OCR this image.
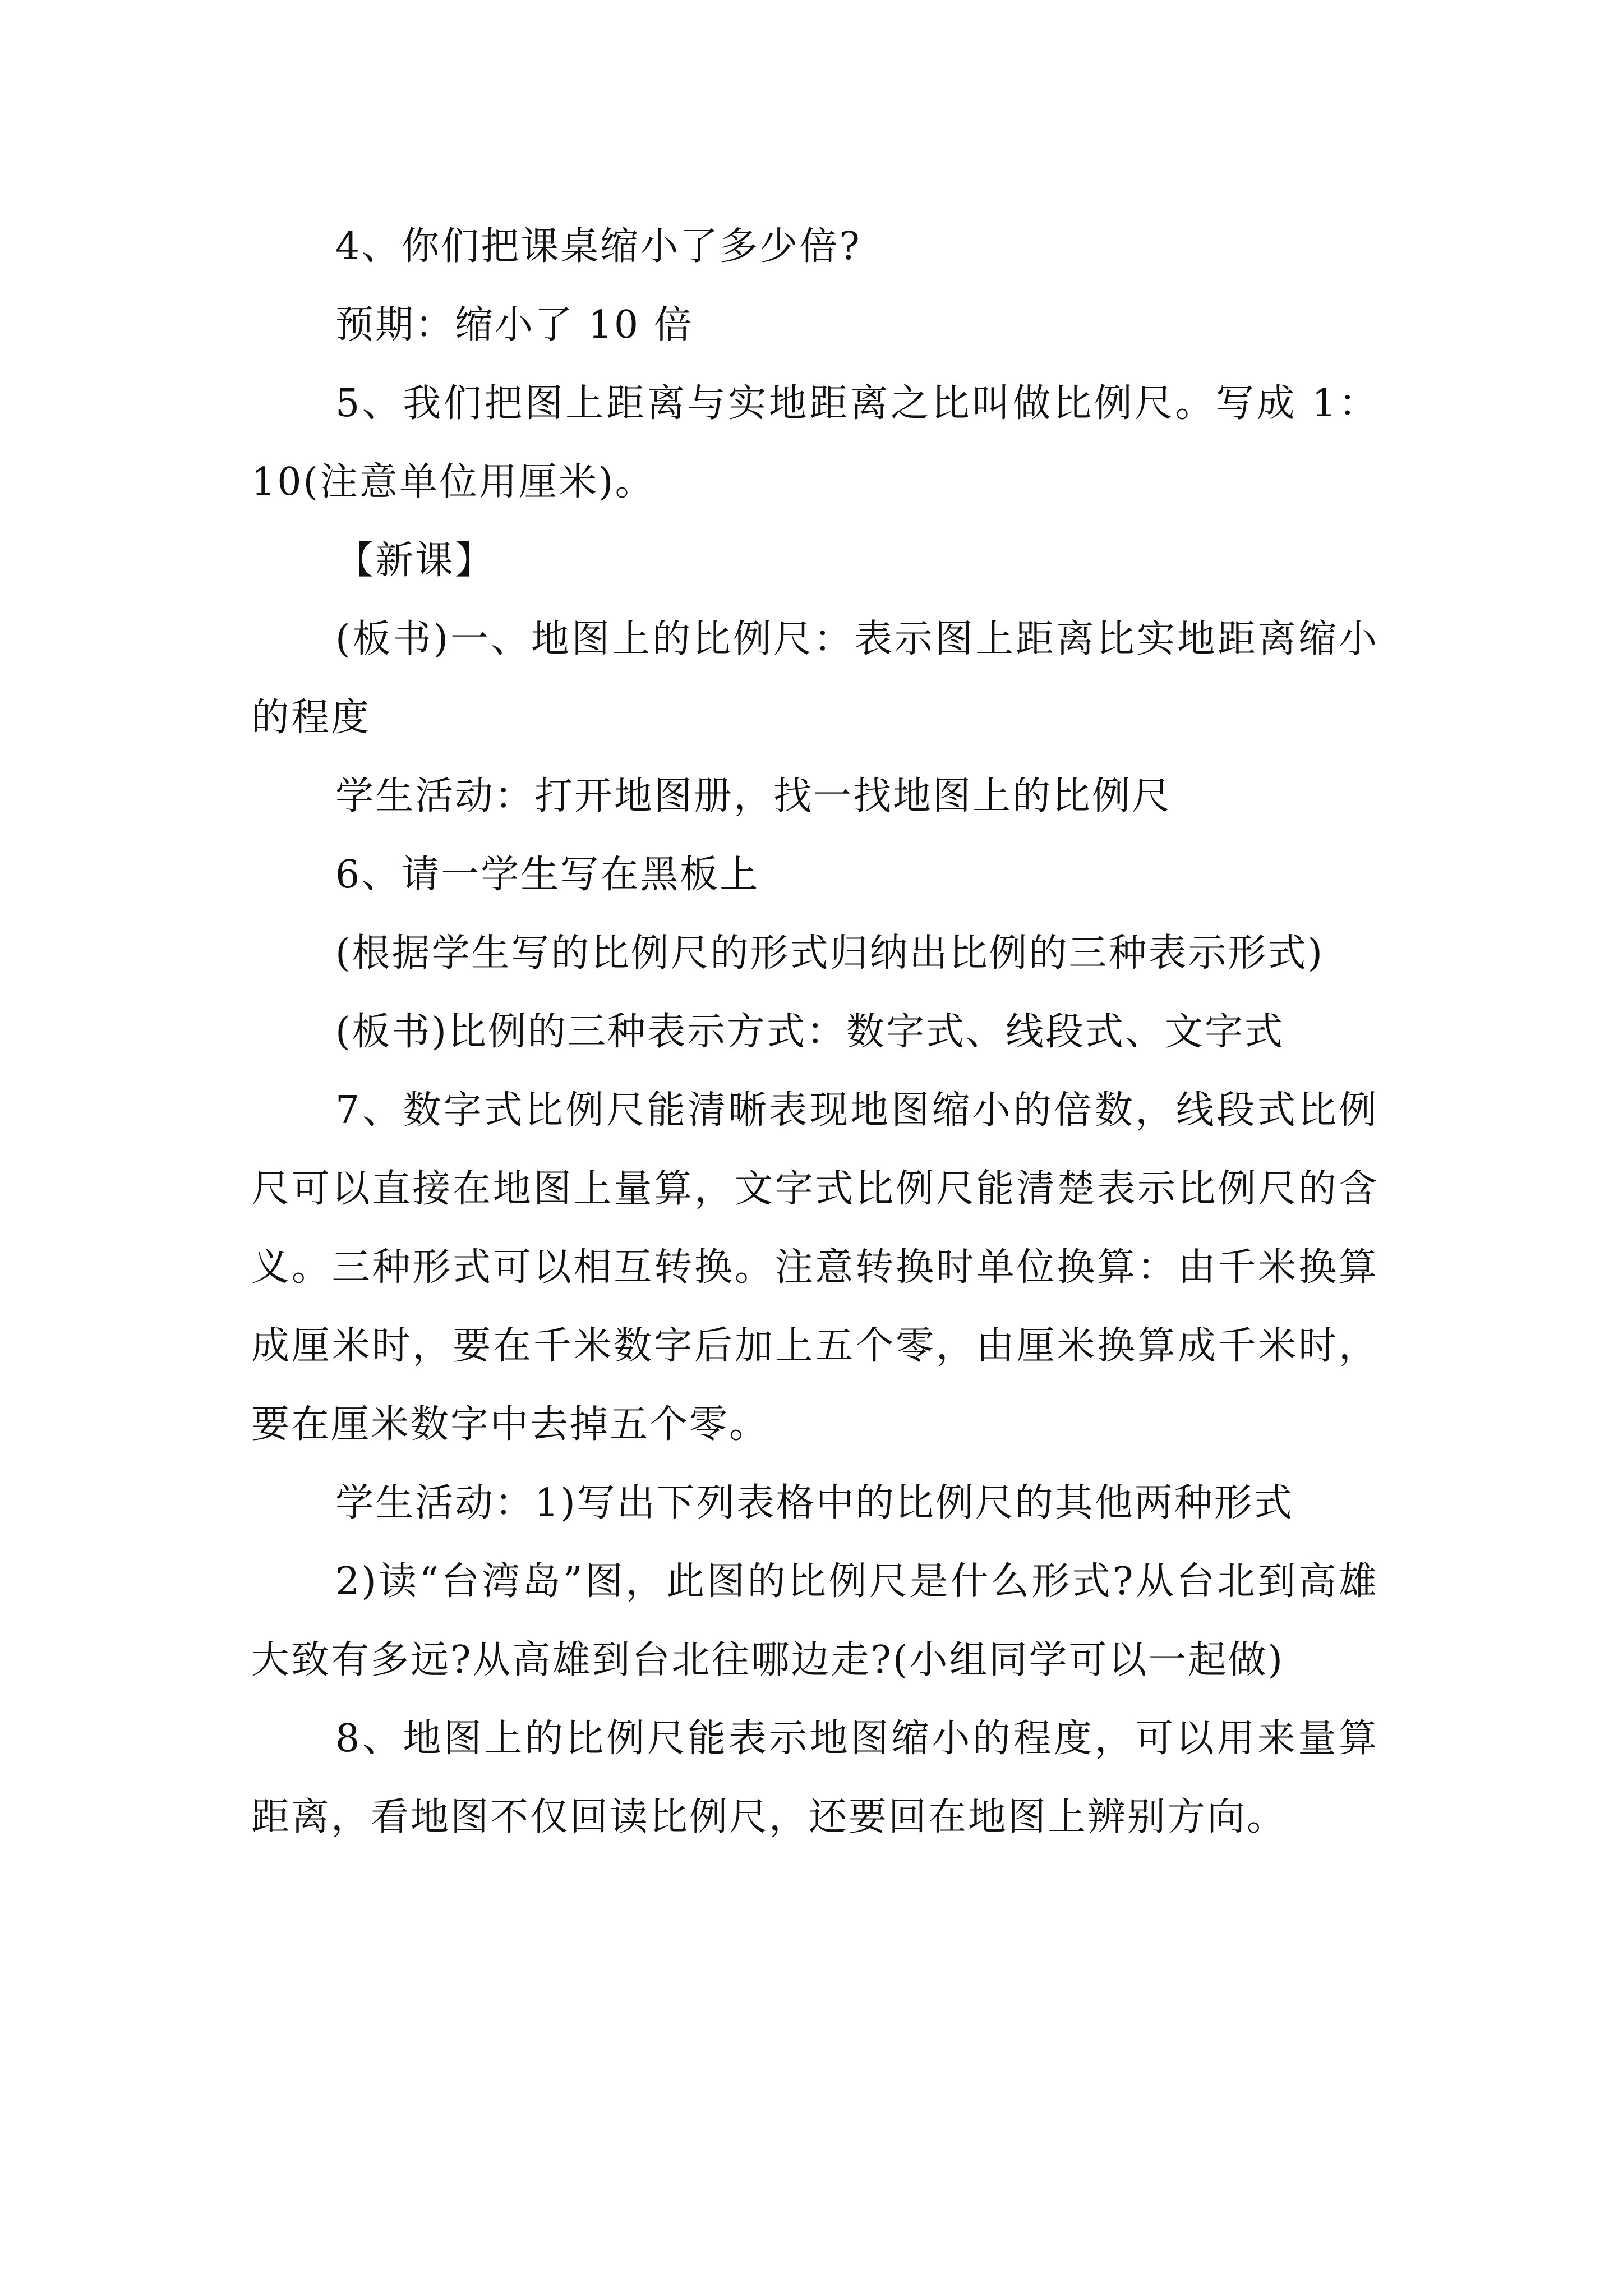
4、你们把课桌缩小了多少倍?

预期：缩小了 10 倍

5、我们把图上距离与实地距离之比叫做比例尺。写成 1：10(注意单位用厘米)。

【新课】

(板书)一、地图上的比例尺：表示图上距离比实地距离缩小的程度

学生活动：打开地图册，找一找地图上的比例尺

6、请一学生写在黑板上

(根据学生写的比例尺的形式归纳出比例的三种表示形式)

(板书)比例的三种表示方式：数字式、线段式、文字式

7、数字式比例尺能清晰表现地图缩小的倍数，线段式比例尺可以直接在地图上量算，文字式比例尺能清楚表示比例尺的含义。三种形式可以相互转换。注意转换时单位换算：由千米换算成厘米时，要在千米数字后加上五个零，由厘米换算成千米时，要在厘米数字中去掉五个零。

学生活动：1)写出下列表格中的比例尺的其他两种形式

2)读“台湾岛”图，此图的比例尺是什么形式?从台北到高雄大致有多远?从高雄到台北往哪边走?(小组同学可以一起做)

8、地图上的比例尺能表示地图缩小的程度，可以用来量算距离，看地图不仅回读比例尺，还要回在地图上辨别方向。
